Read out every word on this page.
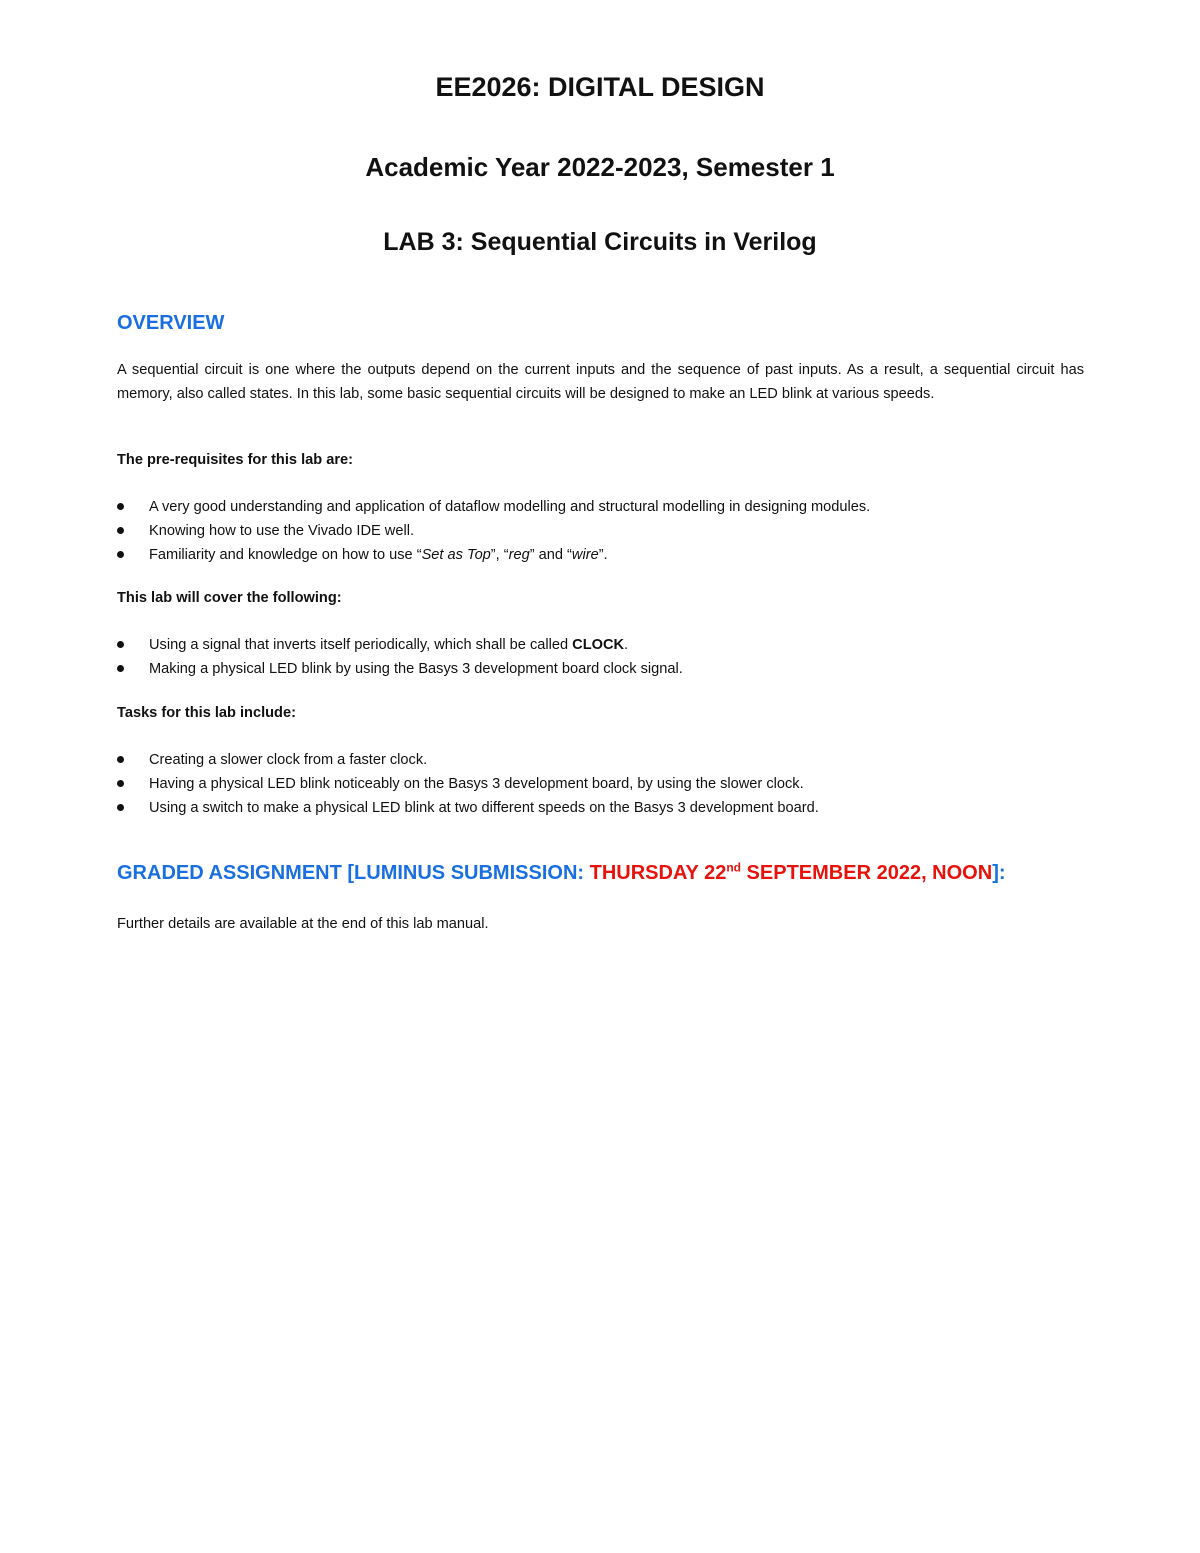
EE2026: DIGITAL DESIGN
Academic Year 2022-2023, Semester 1
LAB 3: Sequential Circuits in Verilog
OVERVIEW

A sequential circuit is one where the outputs depend on the current inputs and the sequence of past inputs. As a result, a sequential circuit has memory, also called states. In this lab, some basic sequential circuits will be designed to make an LED blink at various speeds.

The pre-requisites for this lab are:

A very good understanding and application of dataflow modelling and structural modelling in designing modules.
Knowing how to use the Vivado IDE well.
Familiarity and knowledge on how to use “Set as Top”, “reg” and “wire”.

This lab will cover the following:

Using a signal that inverts itself periodically, which shall be called CLOCK.
Making a physical LED blink by using the Basys 3 development board clock signal.

Tasks for this lab include:

Creating a slower clock from a faster clock.
Having a physical LED blink noticeably on the Basys 3 development board, by using the slower clock.
Using a switch to make a physical LED blink at two different speeds on the Basys 3 development board.
GRADED ASSIGNMENT [LUMINUS SUBMISSION: THURSDAY 22nd SEPTEMBER 2022, NOON]:

Further details are available at the end of this lab manual.
